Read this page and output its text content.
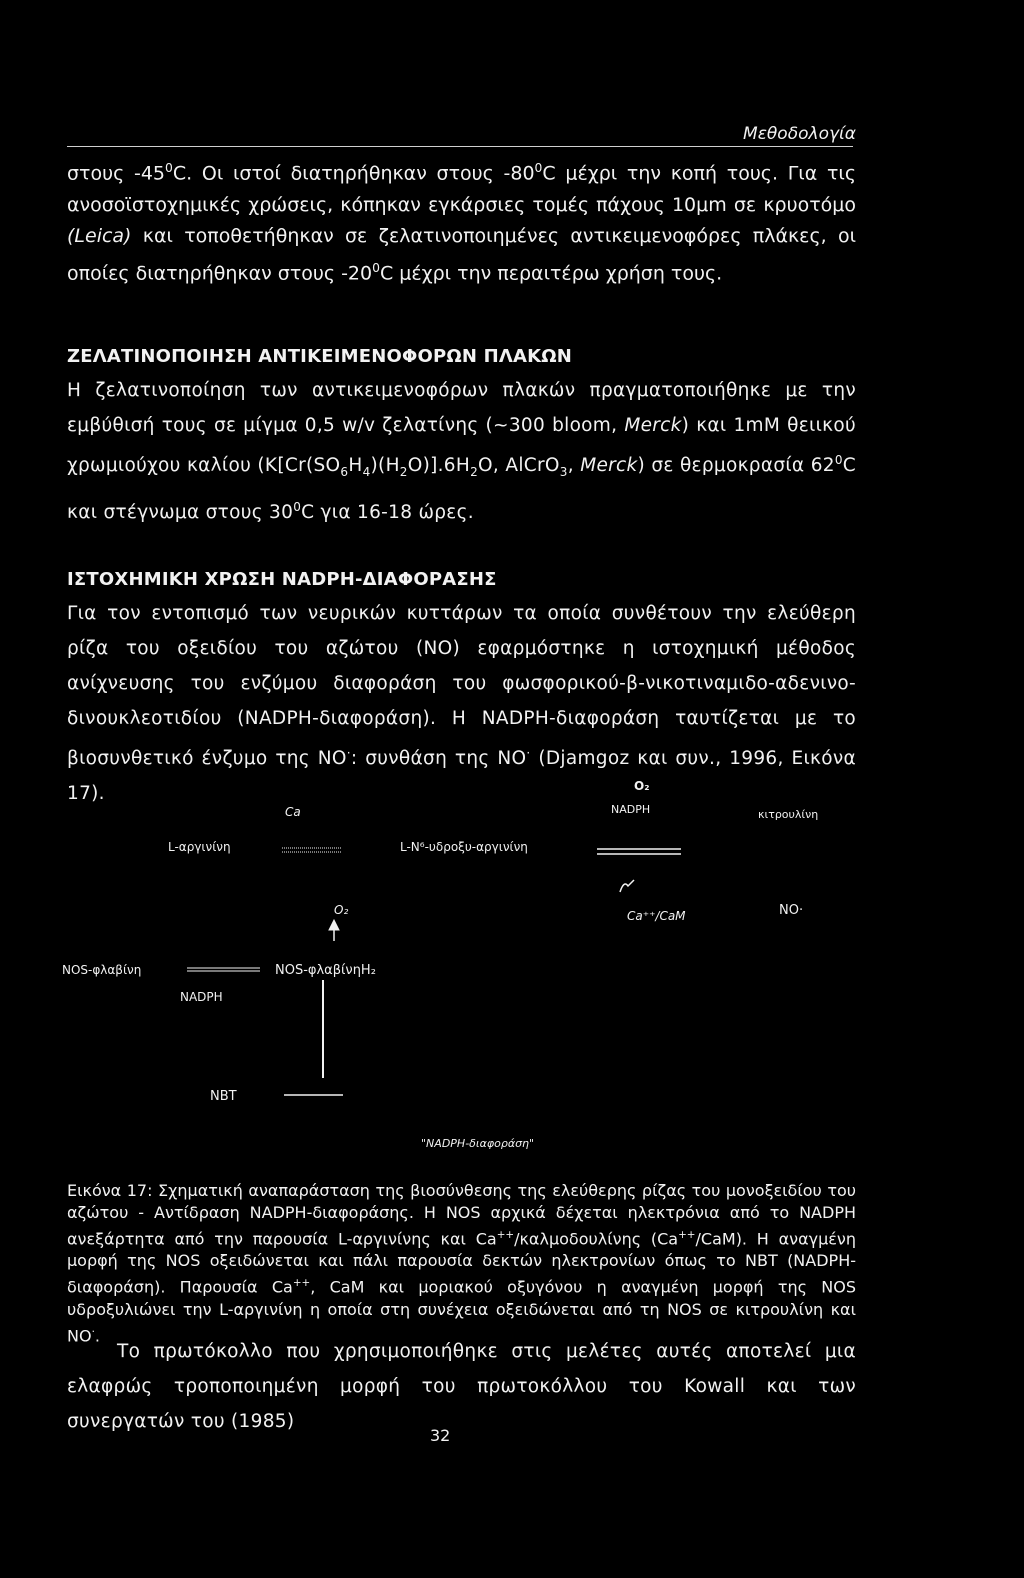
Μεθοδολογία

στους $-45^0C$. Οι ιστοί διατηρήθηκαν στους $-80^0C$ μέχρι την κοπή τους. Για τις ανοσοϊστοχημικές χρώσεις, κόπηκαν εγκάρσιες τομές πάχους 10μm σε κρυοτόμο (Leica) και τοποθετήθηκαν σε ζελατινοποιημένες αντικειμενοφόρες πλάκες, οι οποίες διατηρήθηκαν στους $-20^0C$ μέχρι την περαιτέρω χρήση τους.

ΖΕΛΑΤΙΝΟΠΟΙΗΣΗ ΑΝΤΙΚΕΙΜΕΝΟΦΟΡΩΝ ΠΛΑΚΩΝ

Η ζελατινοποίηση των αντικειμενοφόρων πλακών πραγματοποιήθηκε με την εμβύθισή τους σε μίγμα 0,5 w/v ζελατίνης (~300 bloom, Merck) και 1mM θειικού χρωμιούχου καλίου ($K[Cr(SO_6H_4)(H_2O)].6H_2O$, AlCrO$_3$, Merck) σε θερμοκρασία $62^0C$ και στέγνωμα στους $30^0C$ για 16-18 ώρες.

ΙΣΤΟΧΗΜΙΚΗ ΧΡΩΣΗ NADPH-ΔΙΑΦΟΡΑΣΗΣ

Για τον εντοπισμό των νευρικών κυττάρων τα οποία συνθέτουν την ελεύθερη ρίζα του οξειδίου του αζώτου (NO) εφαρμόστηκε η ιστοχημική μέθοδος ανίχνευσης του ενζύμου διαφοράση του φωσφορικού-β-νικοτιναμιδο-αδενινο-δινουκλεοτιδίου (NADPH-διαφοράση). Η NADPH-διαφοράση ταυτίζεται με το βιοσυνθετικό ένζυμο της NO·: συνθάση της NO· (Djamgoz και συν., 1996, Εικόνα 17).

Ca
O₂
NADPH	κιτρουλίνη
L-αργινίνη	L-N⁶-υδροξυ-αργινίνη
O₂	Ca⁺⁺/CaM	NO·
NOS-φλαβίνη	NOS-φλαβίνηH₂
NADPH
NBT
"NADPH-διαφοράση"

Εικόνα 17: Σχηματική αναπαράσταση της βιοσύνθεσης της ελεύθερης ρίζας του μονοξειδίου του αζώτου - Αντίδραση NADPH-διαφοράσης. Η NOS αρχικά δέχεται ηλεκτρόνια από το NADPH ανεξάρτητα από την παρουσία L-αργινίνης και Ca++/καλμοδουλίνης (Ca++/CaM). Η αναγμένη μορφή της NOS οξειδώνεται και πάλι παρουσία δεκτών ηλεκτρονίων όπως το NBT (NADPH-διαφοράση). Παρουσία Ca++, CaM και μοριακού οξυγόνου η αναγμένη μορφή της NOS υδροξυλιώνει την L-αργινίνη η οποία στη συνέχεια οξειδώνεται από τη NOS σε κιτρουλίνη και NO·.

Το πρωτόκολλο που χρησιμοποιήθηκε στις μελέτες αυτές αποτελεί μια ελαφρώς τροποποιημένη μορφή του πρωτοκόλλου του Kowall και των συνεργατών του (1985)

32
